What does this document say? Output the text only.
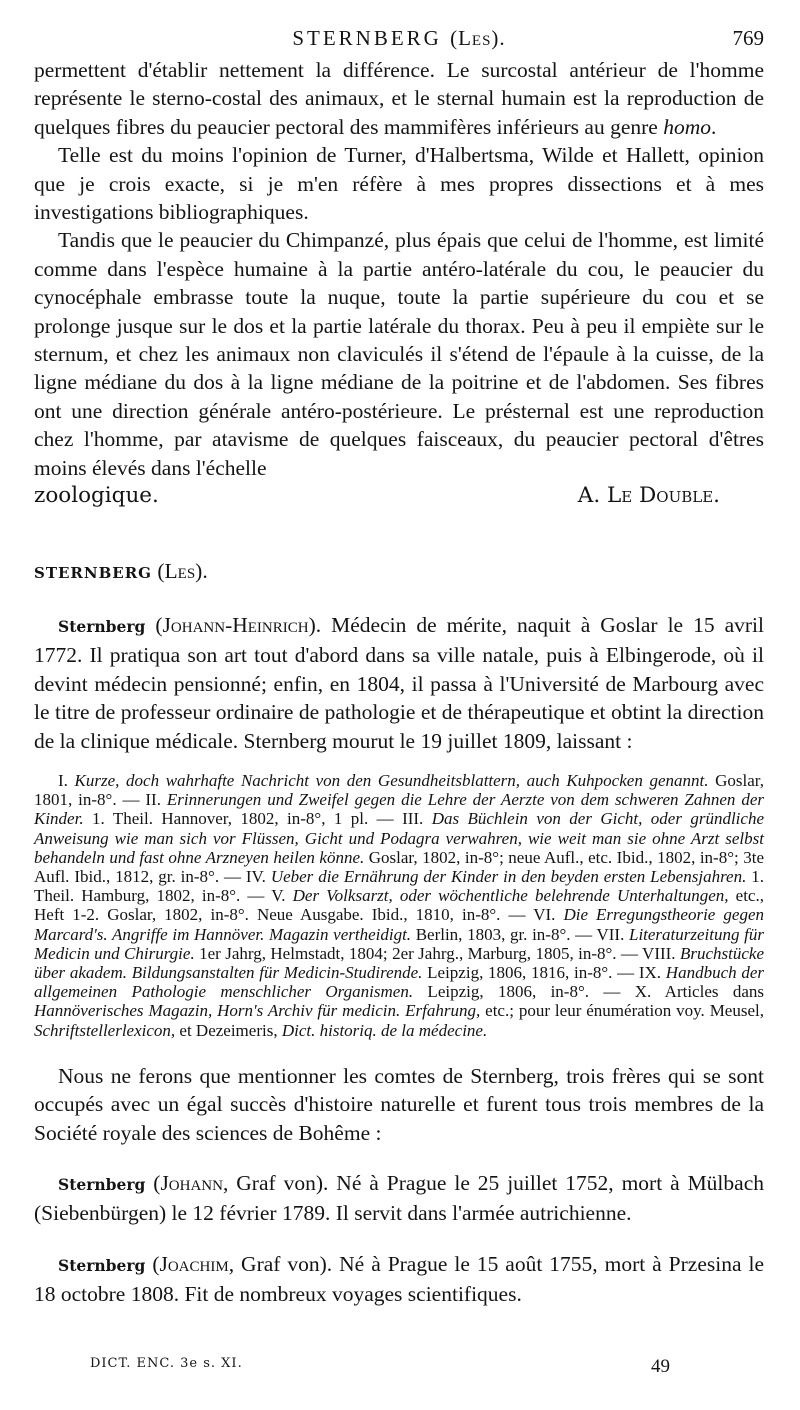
STERNBERG (Les).	769

permettent d'établir nettement la différence. Le surcostal antérieur de l'homme représente le sterno-costal des animaux, et le sternal humain est la reproduction de quelques fibres du peaucier pectoral des mammifères inférieurs au genre homo.

Telle est du moins l'opinion de Turner, d'Halbertsma, Wilde et Hallett, opinion que je crois exacte, si je m'en réfère à mes propres dissections et à mes investigations bibliographiques.

Tandis que le peaucier du Chimpanzé, plus épais que celui de l'homme, est limité comme dans l'espèce humaine à la partie antéro-latérale du cou, le peaucier du cynocéphale embrasse toute la nuque, toute la partie supérieure du cou et se prolonge jusque sur le dos et la partie latérale du thorax. Peu à peu il empiète sur le sternum, et chez les animaux non claviculés il s'étend de l'épaule à la cuisse, de la ligne médiane du dos à la ligne médiane de la poitrine et de l'abdomen. Ses fibres ont une direction générale antéro-postérieure. Le présternal est une reproduction chez l'homme, par atavisme de quelques faisceaux, du peaucier pectoral d'êtres moins élevés dans l'échelle

zoologique.	A. Le Double.

STERNBERG (Les).

Sternberg (Johann-Heinrich). Médecin de mérite, naquit à Goslar le 15 avril 1772. Il pratiqua son art tout d'abord dans sa ville natale, puis à Elbingerode, où il devint médecin pensionné; enfin, en 1804, il passa à l'Université de Marbourg avec le titre de professeur ordinaire de pathologie et de thérapeutique et obtint la direction de la clinique médicale. Sternberg mourut le 19 juillet 1809, laissant :

I. Kurze, doch wahrhafte Nachricht von den Gesundheitsblattern, auch Kuhpocken genannt. Goslar, 1801, in-8°. — II. Erinnerungen und Zweifel gegen die Lehre der Aerzte von dem schweren Zahnen der Kinder. 1. Theil. Hannover, 1802, in-8°, 1 pl. — III. Das Büchlein von der Gicht, oder gründliche Anweisung wie man sich vor Flüssen, Gicht und Podagra verwahren, wie weit man sie ohne Arzt selbst behandeln und fast ohne Arzneyen heilen könne. Goslar, 1802, in-8°; neue Aufl., etc. Ibid., 1802, in-8°; 3te Aufl. Ibid., 1812, gr. in-8°. — IV. Ueber die Ernährung der Kinder in den beyden ersten Lebensjahren. 1. Theil. Hamburg, 1802, in-8°. — V. Der Volksarzt, oder wöchentliche belehrende Unterhaltungen, etc., Heft 1-2. Goslar, 1802, in-8°. Neue Ausgabe. Ibid., 1810, in-8°. — VI. Die Erregungstheorie gegen Marcard's. Angriffe im Hannöver. Magazin vertheidigt. Berlin, 1803, gr. in-8°. — VII. Literaturzeitung für Medicin und Chirurgie. 1er Jahrg, Helmstadt, 1804; 2er Jahrg., Marburg, 1805, in-8°. — VIII. Bruchstücke über akadem. Bildungsanstalten für Medicin-Studirende. Leipzig, 1806, 1816, in-8°. — IX. Handbuch der allgemeinen Pathologie menschlicher Organismen. Leipzig, 1806, in-8°. — X. Articles dans Hannöverisches Magazin, Horn's Archiv für medicin. Erfahrung, etc.; pour leur énumération voy. Meusel, Schriftstellerlexicon, et Dezeimeris, Dict. historiq. de la médecine.

Nous ne ferons que mentionner les comtes de Sternberg, trois frères qui se sont occupés avec un égal succès d'histoire naturelle et furent tous trois membres de la Société royale des sciences de Bohême :

Sternberg (Johann, Graf von). Né à Prague le 25 juillet 1752, mort à Mülbach (Siebenbürgen) le 12 février 1789. Il servit dans l'armée autrichienne.

Sternberg (Joachim, Graf von). Né à Prague le 15 août 1755, mort à Przesina le 18 octobre 1808. Fit de nombreux voyages scientifiques.

DICT. ENC. 3e s. XI.	49
